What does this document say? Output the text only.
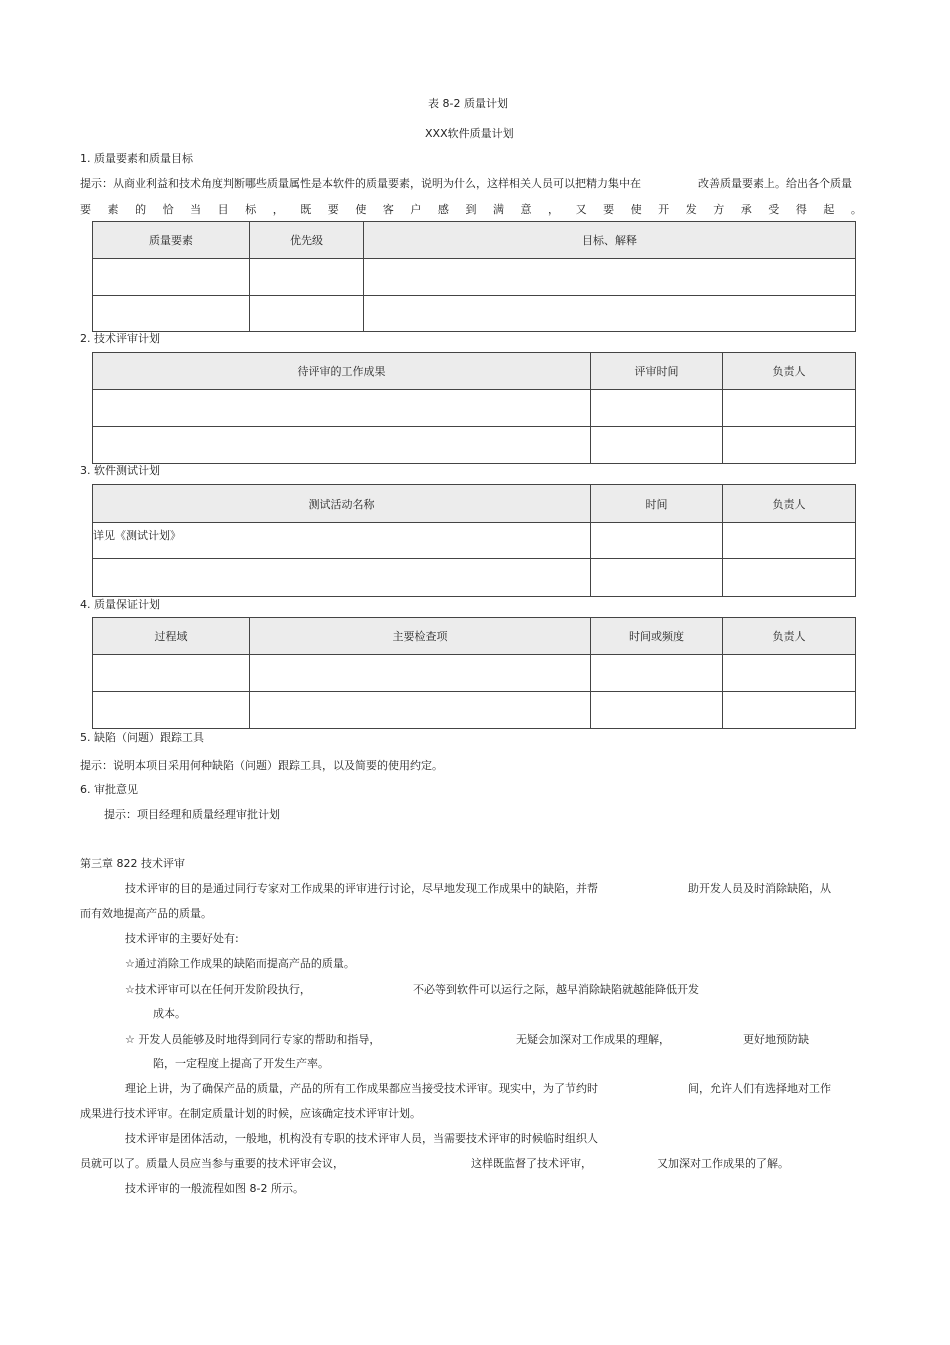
表 8-2 质量计划
XXX软件质量计划
1. 质量要素和质量目标
提示：从商业利益和技术角度判断哪些质量属性是本软件的质量要素，说明为什么，这样相关人员可以把精力集中在	改善质量要素上。给出各个质量
要 素 的 恰 当 目 标 ， 既 要 使 客 户 感 到 满 意 ， 又 要 使 开 发 方 承 受 得 起 。
质量要素	优先级	目标、解释

2. 技术评审计划
待评审的工作成果	评审时间	负责人

3. 软件测试计划
测试活动名称	时间	负责人
详见《测试计划》		

4. 质量保证计划
过程域	主要检查项	时间或频度	负责人

5. 缺陷（问题）跟踪工具
提示：说明本项目采用何种缺陷（问题）跟踪工具，以及简要的使用约定。
6. 审批意见
提示：项目经理和质量经理审批计划
第三章 822 技术评审
技术评审的目的是通过同行专家对工作成果的评审进行讨论，尽早地发现工作成果中的缺陷，并帮	助开发人员及时消除缺陷，从
而有效地提高产品的质量。
技术评审的主要好处有:
☆通过消除工作成果的缺陷而提高产品的质量。
☆技术评审可以在任何开发阶段执行，	不必等到软件可以运行之际，越早消除缺陷就越能降低开发
成本。
☆ 开发人员能够及时地得到同行专家的帮助和指导，	无疑会加深对工作成果的理解，	更好地预防缺
陷，一定程度上提高了开发生产率。
理论上讲，为了确保产品的质量，产品的所有工作成果都应当接受技术评审。现实中，为了节约时	间，允许人们有选择地对工作
成果进行技术评审。在制定质量计划的时候，应该确定技术评审计划。
技术评审是团体活动，一般地，机构没有专职的技术评审人员，当需要技术评审的时候临时组织人
员就可以了。质量人员应当参与重要的技术评审会议，	这样既监督了技术评审，	又加深对工作成果的了解。
技术评审的一般流程如图 8-2 所示。
